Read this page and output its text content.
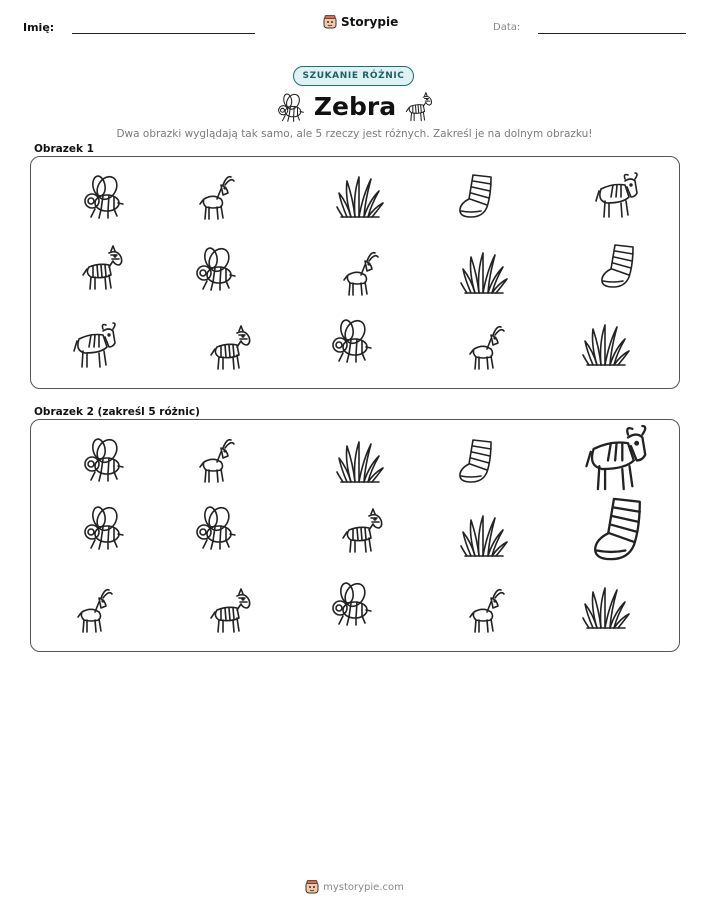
Imię:	Storypie	Data:
SZUKANIE RÓŻNIC
Zebra
Dwa obrazki wyglądają tak samo, ale 5 rzeczy jest różnych. Zakreśl je na dolnym obrazku!
Obrazek 1
Obrazek 2 (zakreśl 5 różnic)
mystorypie.com
